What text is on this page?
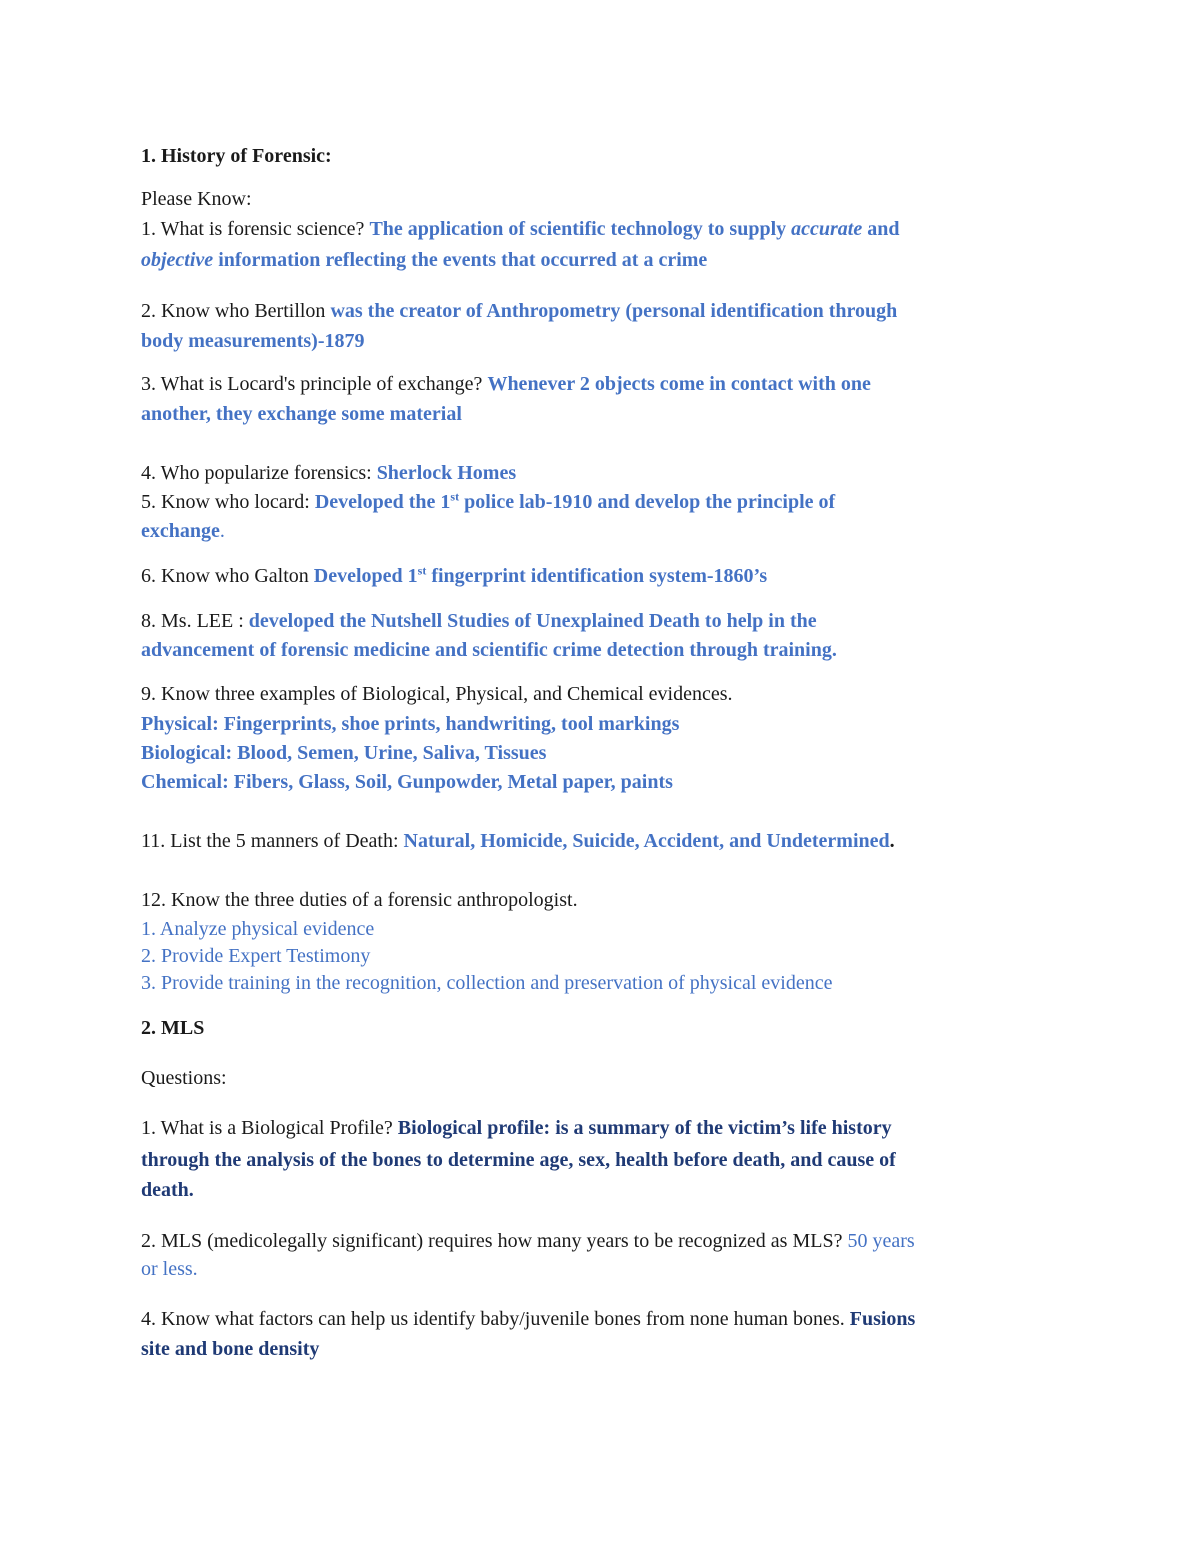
1. History of Forensic:

Please Know:

1. What is forensic science? The application of scientific technology to supply accurate and

objective information reflecting the events that occurred at a crime

2. Know who Bertillon was the creator of Anthropometry (personal identification through

body measurements)-1879

3. What is Locard's principle of exchange? Whenever 2 objects come in contact with one

another, they exchange some material

4. Who popularize forensics: Sherlock Homes

5. Know who locard: Developed the 1st police lab-1910 and develop the principle of

exchange.

6. Know who Galton Developed 1st fingerprint identification system-1860’s

8. Ms. LEE : developed the Nutshell Studies of Unexplained Death to help in the

advancement of forensic medicine and scientific crime detection through training.

9. Know three examples of Biological, Physical, and Chemical evidences.

Physical: Fingerprints, shoe prints, handwriting, tool markings

Biological: Blood, Semen, Urine, Saliva, Tissues

Chemical: Fibers, Glass, Soil, Gunpowder, Metal paper, paints

11. List the 5 manners of Death: Natural, Homicide, Suicide, Accident, and Undetermined.

12. Know the three duties of a forensic anthropologist.

1. Analyze physical evidence

2. Provide Expert Testimony

3. Provide training in the recognition, collection and preservation of physical evidence

2. MLS

Questions:

1. What is a Biological Profile? Biological profile: is a summary of the victim’s life history

through the analysis of the bones to determine age, sex, health before death, and cause of

death.

2. MLS (medicolegally significant) requires how many years to be recognized as MLS? 50 years

or less.

4. Know what factors can help us identify baby/juvenile bones from none human bones. Fusions

site and bone density
